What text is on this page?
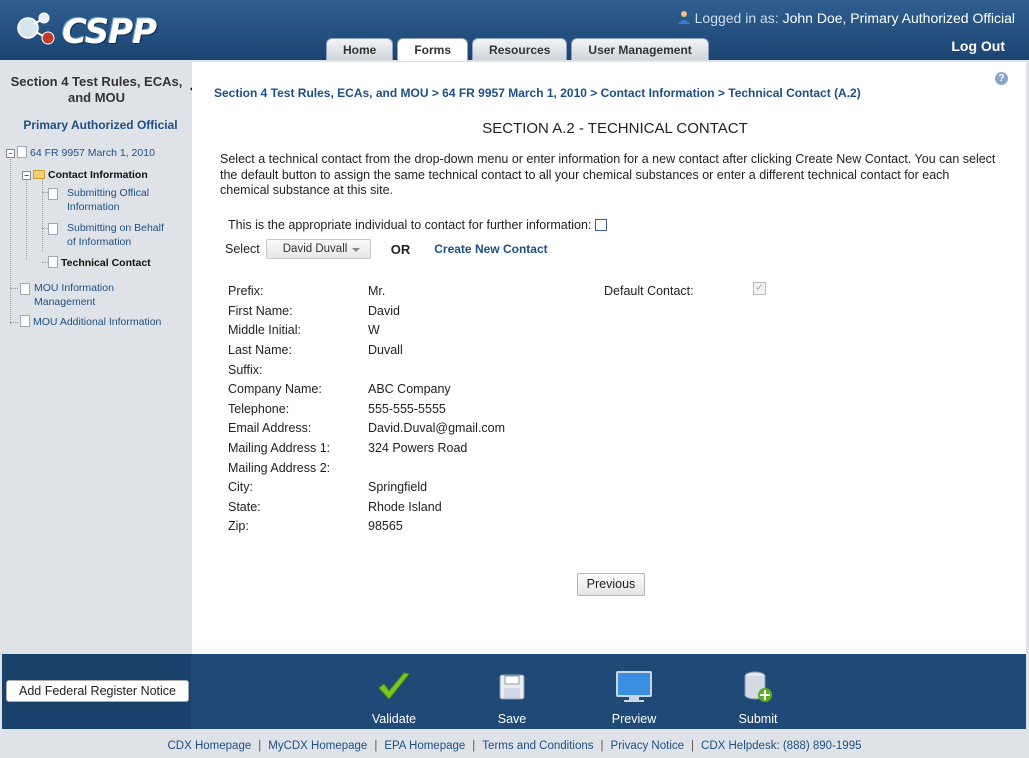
CSPP	Logged in as: John Doe, Primary Authorized Official
Log Out
Home	Forms	Resources	User Management
Section 4 Test Rules, ECAs, and MOU
Primary Authorized Official
− 64 FR 9957 March 1, 2010
− Contact Information
Submitting Offical Information
Submitting on Behalf of Information
Technical Contact
MOU Information Management
MOU Additional Information
Section 4 Test Rules, ECAs, and MOU > 64 FR 9957 March 1, 2010 > Contact Information > Technical Contact (A.2)
?
SECTION A.2 - TECHNICAL CONTACT
Select a technical contact from the drop-down menu or enter information for a new contact after clicking Create New Contact. You can select the default button to assign the same technical contact to all your chemical substances or enter a different technical contact for each chemical substance at this site.
This is the appropriate individual to contact for further information:
Select	David Duvall	OR Create New Contact
Prefix:	Mr.
First Name:	David
Middle Initial:	W
Last Name:	Duvall
Suffix:
Company Name:	ABC Company
Telephone:	555-555-5555
Email Address:	David.Duval@gmail.com
Mailing Address 1:	324 Powers Road
Mailing Address 2:
City:	Springfield
State:	Rhode Island
Zip:	98565
Default Contact:	✓
Previous
Add Federal Register Notice
Validate	Save	Preview	Submit
CDX Homepage | MyCDX Homepage | EPA Homepage | Terms and Conditions | Privacy Notice | CDX Helpdesk: (888) 890-1995
